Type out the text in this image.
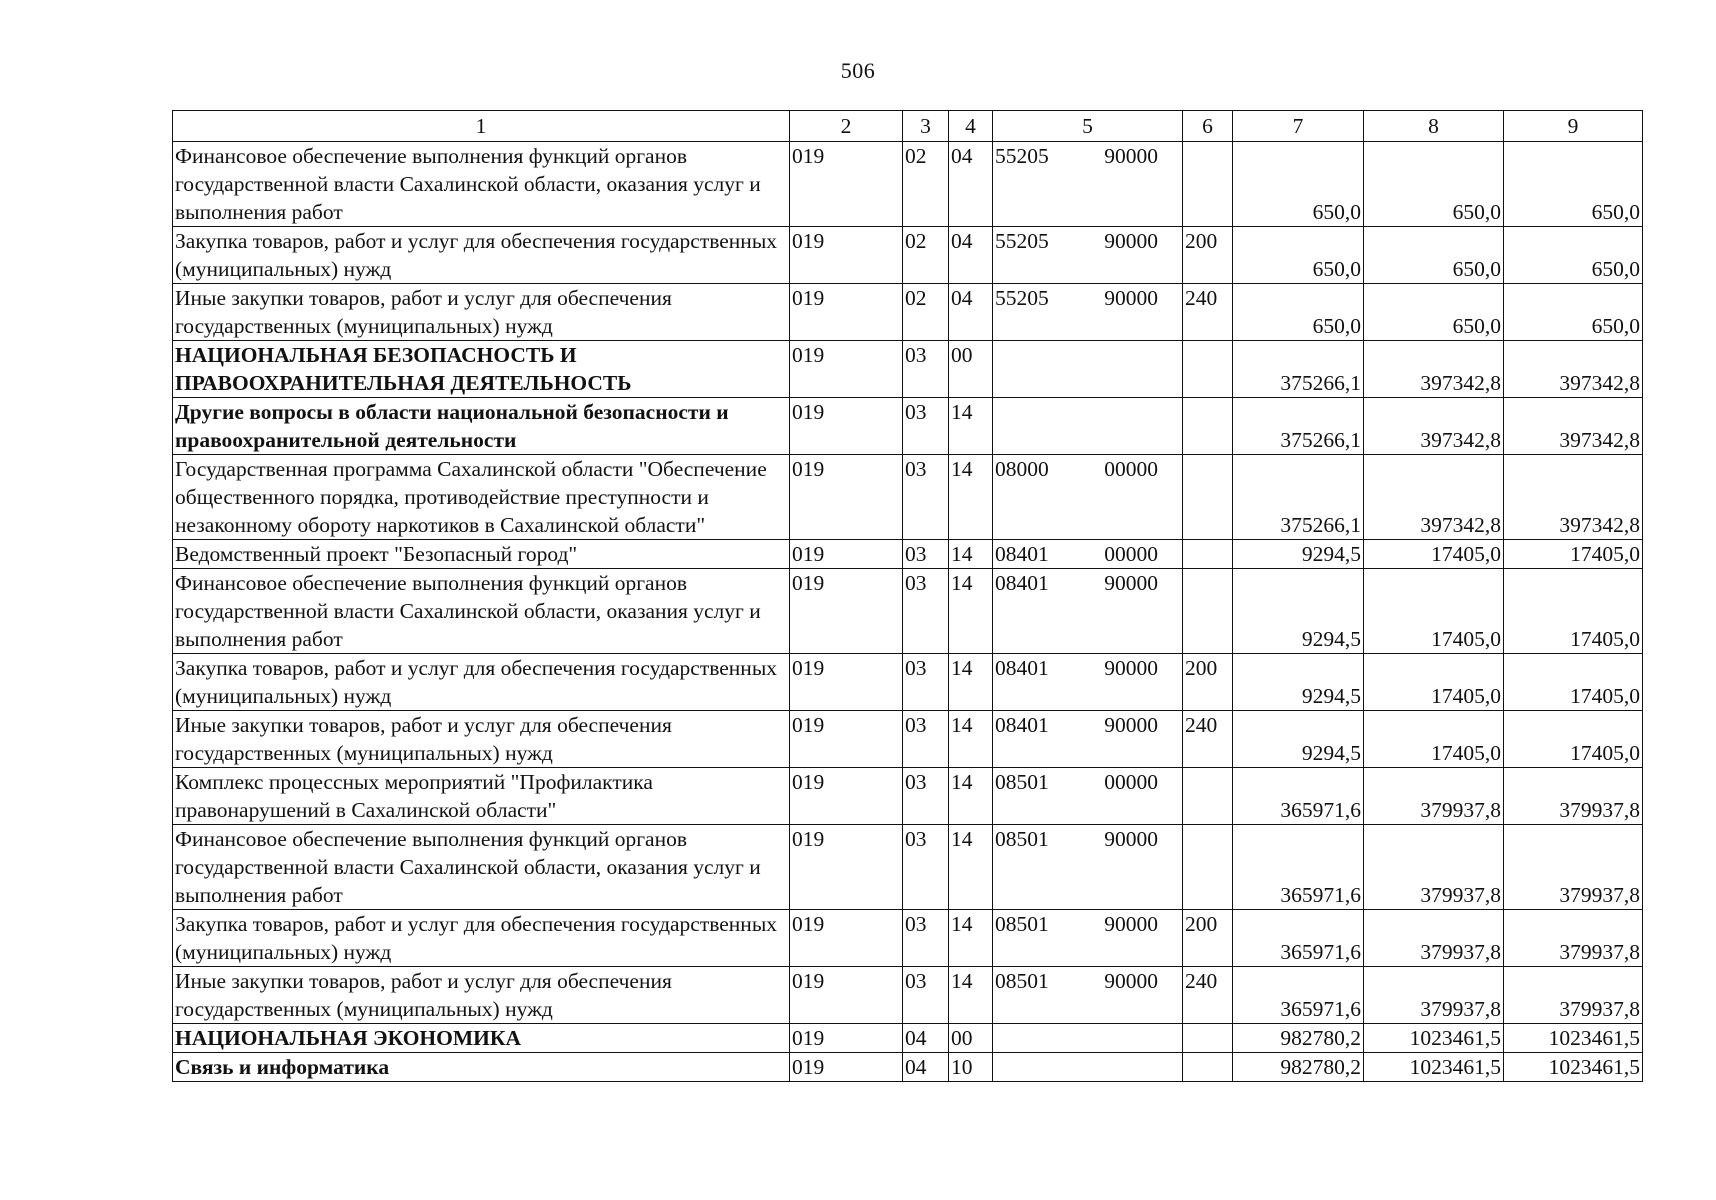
506
1	2	3	4	5	6	7	8	9
Финансовое обеспечение выполнения функций органов государственной власти Сахалинской области, оказания услуг и выполнения работ	019	02	04	55205 90000		650,0	650,0	650,0
Закупка товаров, работ и услуг для обеспечения государственных (муниципальных) нужд	019	02	04	55205 90000	200	650,0	650,0	650,0
Иные закупки товаров, работ и услуг для обеспечения государственных (муниципальных) нужд	019	02	04	55205 90000	240	650,0	650,0	650,0
НАЦИОНАЛЬНАЯ БЕЗОПАСНОСТЬ И ПРАВООХРАНИТЕЛЬНАЯ ДЕЯТЕЛЬНОСТЬ	019	03	00			375266,1	397342,8	397342,8
Другие вопросы в области национальной безопасности и правоохранительной деятельности	019	03	14			375266,1	397342,8	397342,8
Государственная программа Сахалинской области "Обеспечение общественного порядка, противодействие преступности и незаконному обороту наркотиков в Сахалинской области"	019	03	14	08000 00000		375266,1	397342,8	397342,8
Ведомственный проект "Безопасный город"	019	03	14	08401 00000		9294,5	17405,0	17405,0
Финансовое обеспечение выполнения функций органов государственной власти Сахалинской области, оказания услуг и выполнения работ	019	03	14	08401 90000		9294,5	17405,0	17405,0
Закупка товаров, работ и услуг для обеспечения государственных (муниципальных) нужд	019	03	14	08401 90000	200	9294,5	17405,0	17405,0
Иные закупки товаров, работ и услуг для обеспечения государственных (муниципальных) нужд	019	03	14	08401 90000	240	9294,5	17405,0	17405,0
Комплекс процессных мероприятий "Профилактика правонарушений в Сахалинской области"	019	03	14	08501 00000		365971,6	379937,8	379937,8
Финансовое обеспечение выполнения функций органов государственной власти Сахалинской области, оказания услуг и выполнения работ	019	03	14	08501 90000		365971,6	379937,8	379937,8
Закупка товаров, работ и услуг для обеспечения государственных (муниципальных) нужд	019	03	14	08501 90000	200	365971,6	379937,8	379937,8
Иные закупки товаров, работ и услуг для обеспечения государственных (муниципальных) нужд	019	03	14	08501 90000	240	365971,6	379937,8	379937,8
НАЦИОНАЛЬНАЯ ЭКОНОМИКА	019	04	00			982780,2	1023461,5	1023461,5
Связь и информатика	019	04	10			982780,2	1023461,5	1023461,5
